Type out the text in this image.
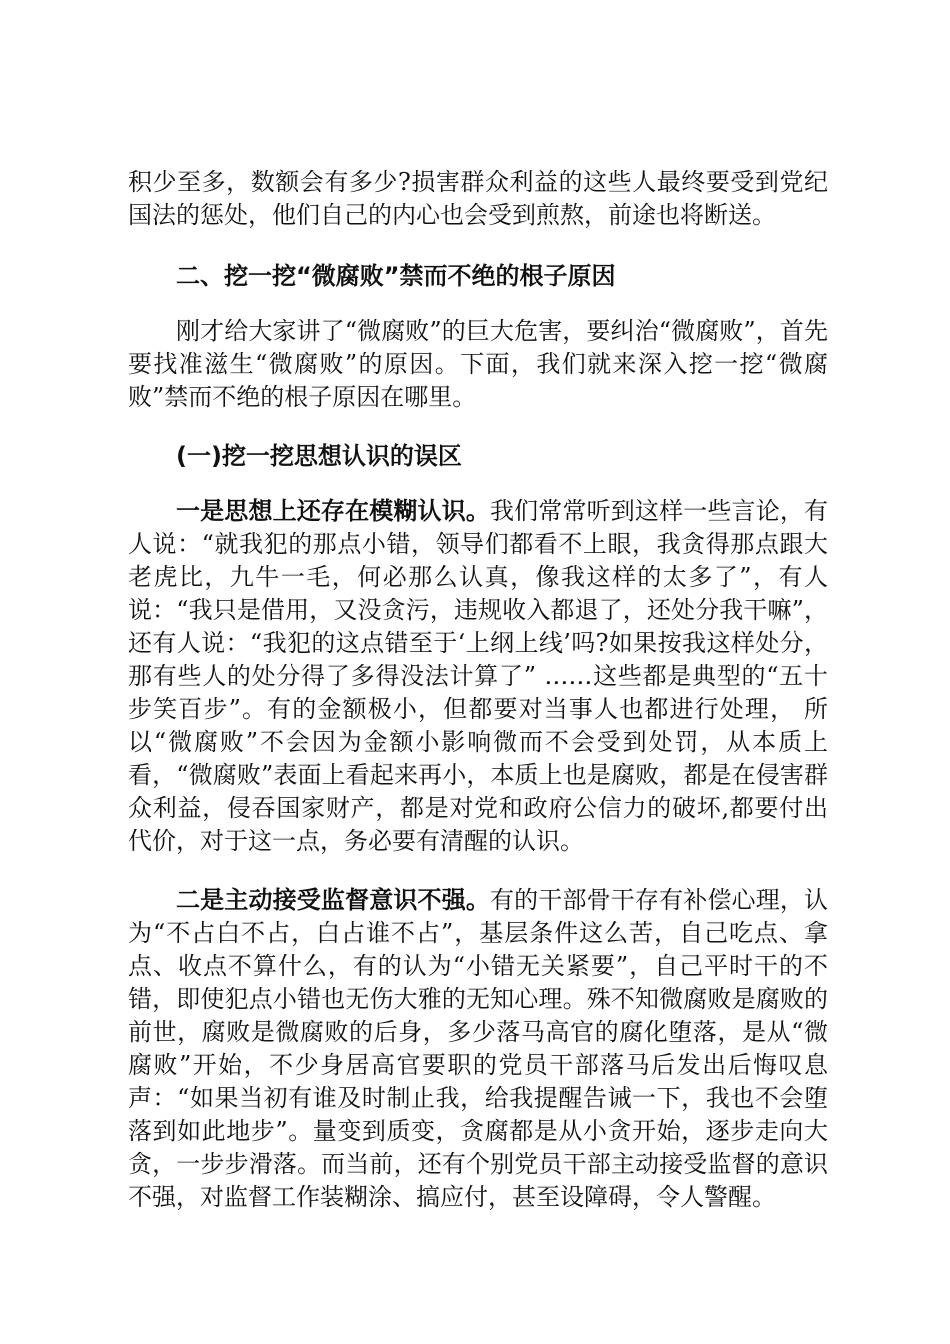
积少至多，数额会有多少?损害群众利益的这些人最终要受到党纪国法的惩处，他们自己的内心也会受到煎熬，前途也将断送。

二、挖一挖“微腐败”禁而不绝的根子原因

刚才给大家讲了“微腐败”的巨大危害，要纠治“微腐败”，首先要找准滋生“微腐败”的原因。下面，我们就来深入挖一挖“微腐败”禁而不绝的根子原因在哪里。

(一)挖一挖思想认识的误区

一是思想上还存在模糊认识。我们常常听到这样一些言论，有人说：“就我犯的那点小错，领导们都看不上眼，我贪得那点跟大老虎比，九牛一毛，何必那么认真，像我这样的太多了”，有人说：“我只是借用，又没贪污，违规收入都退了，还处分我干嘛”，还有人说：“我犯的这点错至于‘上纲上线’吗?如果按我这样处分，那有些人的处分得了多得没法计算了” ……这些都是典型的“五十步笑百步”。有的金额极小，但都要对当事人也都进行处理， 所以“微腐败”不会因为金额小影响微而不会受到处罚，从本质上看，“微腐败”表面上看起来再小，本质上也是腐败，都是在侵害群众利益，侵吞国家财产，都是对党和政府公信力的破坏,都要付出代价，对于这一点，务必要有清醒的认识。

二是主动接受监督意识不强。有的干部骨干存有补偿心理，认为“不占白不占，白占谁不占”，基层条件这么苦，自己吃点、拿点、收点不算什么，有的认为“小错无关紧要”，自己平时干的不错，即使犯点小错也无伤大雅的无知心理。殊不知微腐败是腐败的前世，腐败是微腐败的后身，多少落马高官的腐化堕落，是从“微腐败”开始，不少身居高官要职的党员干部落马后发出后悔叹息声：“如果当初有谁及时制止我，给我提醒告诫一下，我也不会堕落到如此地步”。量变到质变，贪腐都是从小贪开始，逐步走向大贪，一步步滑落。而当前，还有个别党员干部主动接受监督的意识不强，对监督工作装糊涂、搞应付，甚至设障碍，令人警醒。
